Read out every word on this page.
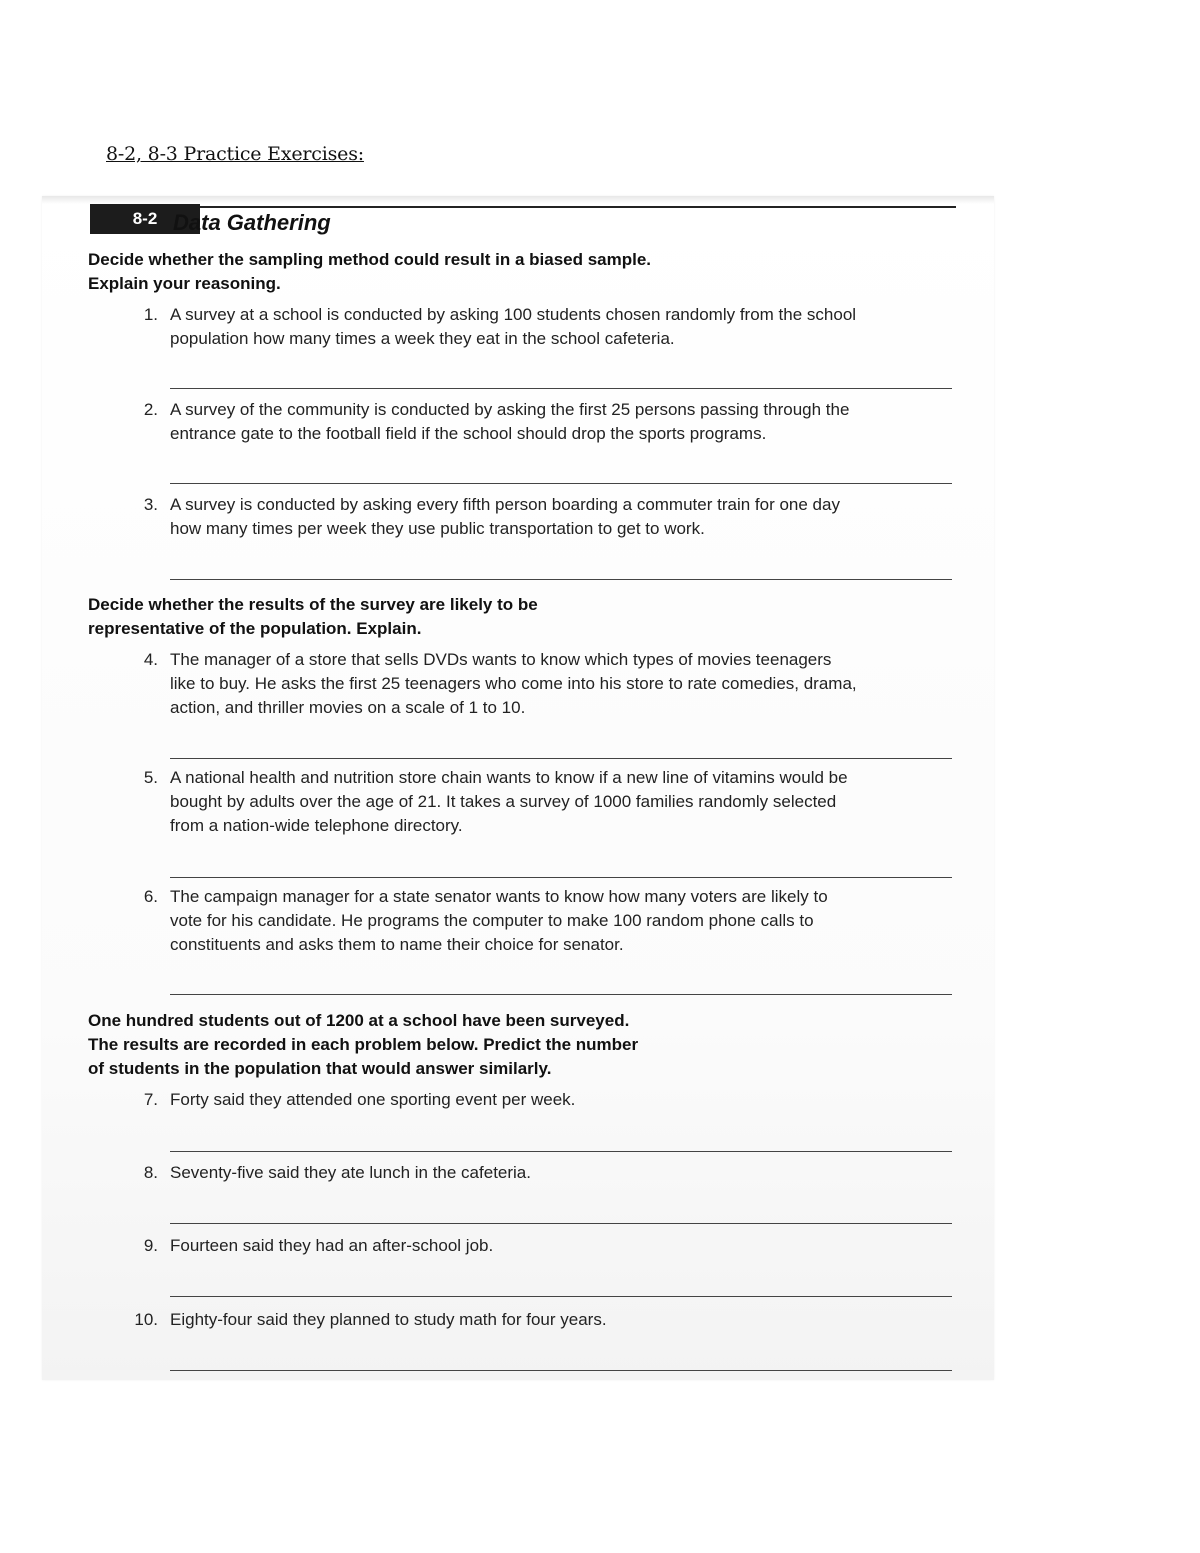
8-2, 8-3 Practice Exercises:
8-2 Data Gathering
Decide whether the sampling method could result in a biased sample.
Explain your reasoning.
1. A survey at a school is conducted by asking 100 students chosen randomly from the school
population how many times a week they eat in the school cafeteria.
2. A survey of the community is conducted by asking the first 25 persons passing through the
entrance gate to the football field if the school should drop the sports programs.
3. A survey is conducted by asking every fifth person boarding a commuter train for one day
how many times per week they use public transportation to get to work.
Decide whether the results of the survey are likely to be
representative of the population. Explain.
4. The manager of a store that sells DVDs wants to know which types of movies teenagers
like to buy. He asks the first 25 teenagers who come into his store to rate comedies, drama,
action, and thriller movies on a scale of 1 to 10.
5. A national health and nutrition store chain wants to know if a new line of vitamins would be
bought by adults over the age of 21. It takes a survey of 1000 families randomly selected
from a nation-wide telephone directory.
6. The campaign manager for a state senator wants to know how many voters are likely to
vote for his candidate. He programs the computer to make 100 random phone calls to
constituents and asks them to name their choice for senator.
One hundred students out of 1200 at a school have been surveyed.
The results are recorded in each problem below. Predict the number
of students in the population that would answer similarly.
7. Forty said they attended one sporting event per week.
8. Seventy-five said they ate lunch in the cafeteria.
9. Fourteen said they had an after-school job.
10. Eighty-four said they planned to study math for four years.
